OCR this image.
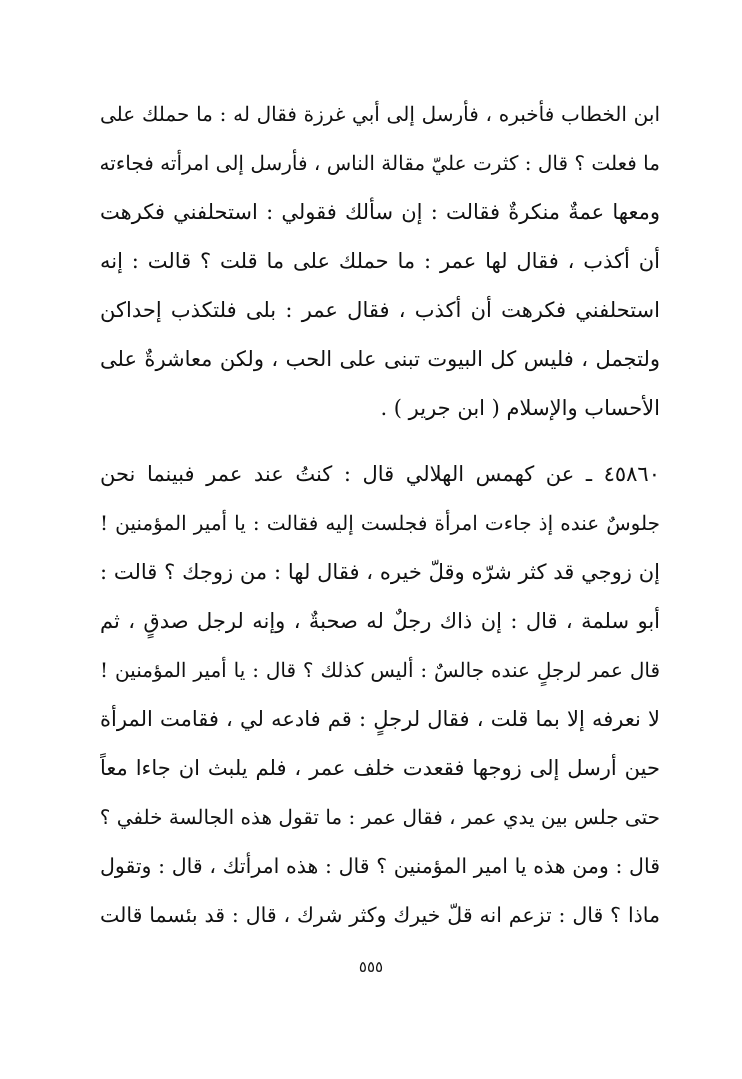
ابن الخطاب فأخبره ، فأرسل إلى أبي غرزة فقال له : ما حملك على
ما فعلت ؟ قال : كثرت عليّ مقالة الناس ، فأرسل إلى امرأته فجاءته
ومعها عمةٌ منكرةٌ فقالت : إن سألك فقولي : استحلفني فكرهت
أن أكذب ، فقال لها عمر : ما حملك على ما قلت ؟ قالت : إنه
استحلفني فكرهت أن أكذب ، فقال عمر : بلى فلتكذب إحداكن
ولتجمل ، فليس كل البيوت تبنى على الحب ، ولكن معاشرةٌ على
الأحساب والإسلام ( ابن جرير ) .
٤٥٨٦٠ ـ عن كهمس الهلالي قال : كنتُ عند عمر فبينما نحن
جلوسٌ عنده إذ جاءت امرأة فجلست إليه فقالت : يا أمير المؤمنين !
إن زوجي قد كثر شرّه وقلّ خيره ، فقال لها : من زوجك ؟ قالت :
أبو سلمة ، قال : إن ذاك رجلٌ له صحبةٌ ، وإنه لرجل صدقٍ ، ثم
قال عمر لرجلٍ عنده جالسٌ : أليس كذلك ؟ قال : يا أمير المؤمنين !
لا نعرفه إلا بما قلت ، فقال لرجلٍ : قم فادعه لي ، فقامت المرأة
حين أرسل إلى زوجها فقعدت خلف عمر ، فلم يلبث ان جاءا معاً
حتى جلس بين يدي عمر ، فقال عمر : ما تقول هذه الجالسة خلفي ؟
قال : ومن هذه يا امير المؤمنين ؟ قال : هذه امرأتك ، قال : وتقول
ماذا ؟ قال : تزعم انه قلّ خيرك وكثر شرك ، قال : قد بئسما قالت
٥٥٥
